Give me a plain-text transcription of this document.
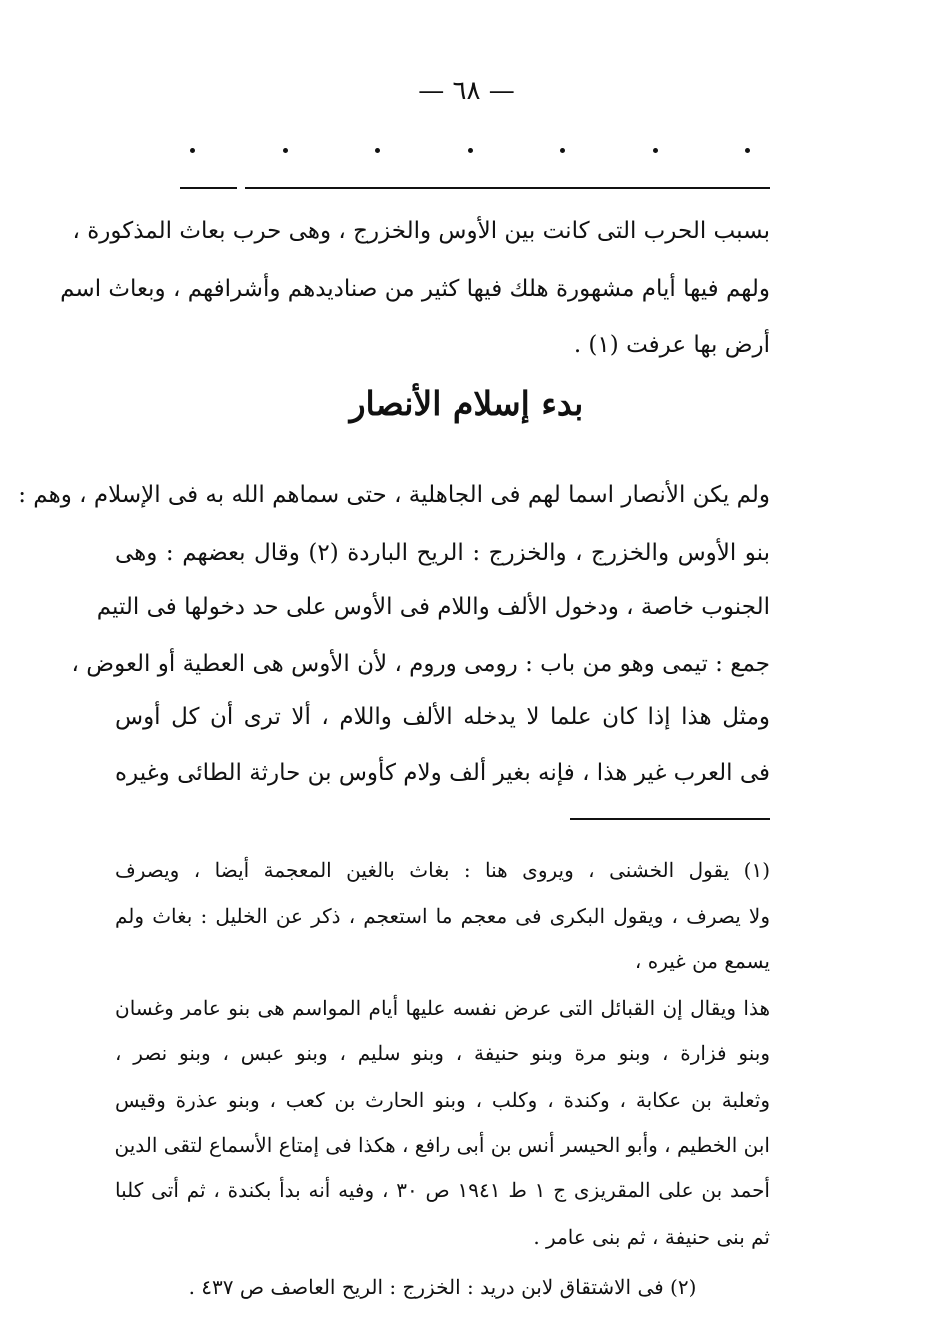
— ٦٨ —
بسبب الحرب التى كانت بين الأوس والخزرج ، وهى حرب بعاث المذكورة ،
ولهم فيها أيام مشهورة هلك فيها كثير من صناديدهم وأشرافهم ، وبعاث اسم
أرض بها عرفت (١) .
بدء إسلام الأنصار
ولم يكن الأنصار اسما لهم فى الجاهلية ، حتى سماهم الله به فى الإسلام ، وهم :
بنو الأوس والخزرج ، والخزرج : الريح الباردة (٢) وقال بعضهم : وهى
الجنوب خاصة ، ودخول الألف واللام فى الأوس على حد دخولها فى التيم
جمع : تيمى وهو من باب : رومى وروم ، لأن الأوس هى العطية أو العوض ،
ومثل هذا إذا كان علما لا يدخله الألف واللام ، ألا ترى أن كل أوس
فى العرب غير هذا ، فإنه بغير ألف ولام كأوس بن حارثة الطائى وغيره
(١) يقول الخشنى ، ويروى هنا : بغاث بالغين المعجمة أيضا ، ويصرف
ولا يصرف ، ويقول البكرى فى معجم ما استعجم ، ذكر عن الخليل : بغاث ولم
يسمع من غيره ،
هذا ويقال إن القبائل التى عرض نفسه عليها أيام المواسم هى بنو عامر وغسان
وبنو فزارة ، وبنو مرة وبنو حنيفة ، وبنو سليم ، وبنو عبس ، وبنو نصر ،
وثعلبة بن عكابة ، وكندة ، وكلب ، وبنو الحارث بن كعب ، وبنو عذرة وقيس
ابن الخطيم ، وأبو الحيسر أنس بن أبى رافع ، هكذا فى إمتاع الأسماع لتقى الدين
أحمد بن على المقريزى ج ١ ط ١٩٤١ ص ٣٠ ، وفيه أنه بدأ بكندة ، ثم أتى كلبا
ثم بنى حنيفة ، ثم بنى عامر .
(٢) فى الاشتقاق لابن دريد : الخزرج : الريح العاصف ص ٤٣٧ .
